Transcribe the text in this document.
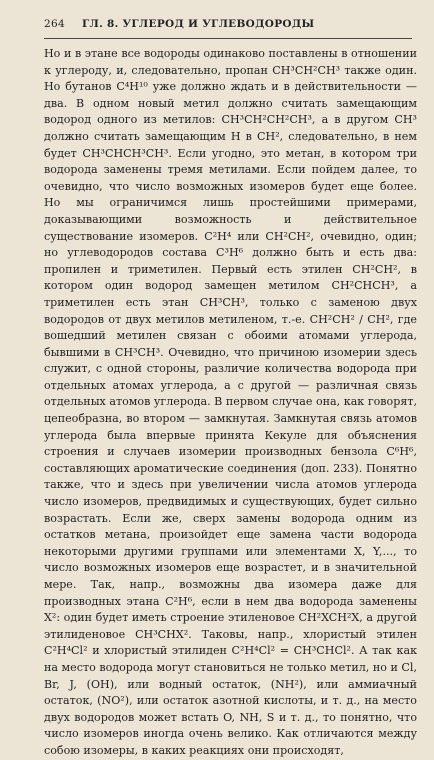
264 ГЛ. 8. УГЛЕРОД И УГЛЕВОДОРОДЫ

Но и в этане все водороды одинаково поставлены в отношении к углероду, и, следовательно, пропан CH³CH²CH³ также один. Но бутанов C⁴H¹⁰ уже должно ждать и в действительности — два. В одном новый метил должно считать замещающим водород одного из метилов: CH³CH²CH²CH³, а в другом CH³ должно считать замещающим H в CH², следовательно, в нем будет CH³CHCH³CH³. Если угодно, это метан, в котором три водорода заменены тремя метилами. Если пойдем далее, то очевидно, что число возможных изомеров будет еще более. Но мы ограничимся лишь простейшими примерами, доказывающими возможность и действительное существование изомеров. C²H⁴ или CH²CH², очевидно, один; но углеводородов состава C³H⁶ должно быть и есть два: пропилен и триметилен. Первый есть этилен CH²CH², в котором один водород замещен метилом CH²CHCH³, а триметилен есть этан CH³CH³, только с заменою двух водородов от двух метилов метиленом, т.-е. CH²CH² / CH², где вошедший метилен связан с обоими атомами углерода, бывшими в CH³CH³. Очевидно, что причиною изомерии здесь служит, с одной стороны, различие количества водорода при отдельных атомах углерода, а с другой — различная связь отдельных атомов углерода. В первом случае она, как говорят, цепеобразна, во втором — замкнутая. Замкнутая связь атомов углерода была впервые принята Кекуле для объяснения строения и случаев изомерии производных бензола C⁶H⁶, составляющих ароматические соединения (доп. 233). Понятно также, что и здесь при увеличении числа атомов углерода число изомеров, предвидимых и существующих, будет сильно возрастать. Если же, сверх замены водорода одним из остатков метана, произойдет еще замена части водорода некоторыми другими группами или элементами X, Y,..., то число возможных изомеров еще возрастет, и в значительной мере. Так, напр., возможны два изомера даже для производных этана C²H⁶, если в нем два водорода заменены X²: один будет иметь строение этиленовое CH²XCH²X, а другой этилиденовое CH³CHX². Таковы, напр., хлористый этилен C²H⁴Cl² и хлористый этилиден C²H⁴Cl² = CH³CHCl². А так как на место водорода могут становиться не только метил, но и Cl, Br, J, (OH), или водный остаток, (NH²), или аммиачный остаток, (NO²), или остаток азотной кислоты, и т. д., на место двух водородов может встать O, NH, S и т. д., то понятно, что число изомеров иногда очень велико. Как отличаются между собою изомеры, в каких реакциях они происходят,
